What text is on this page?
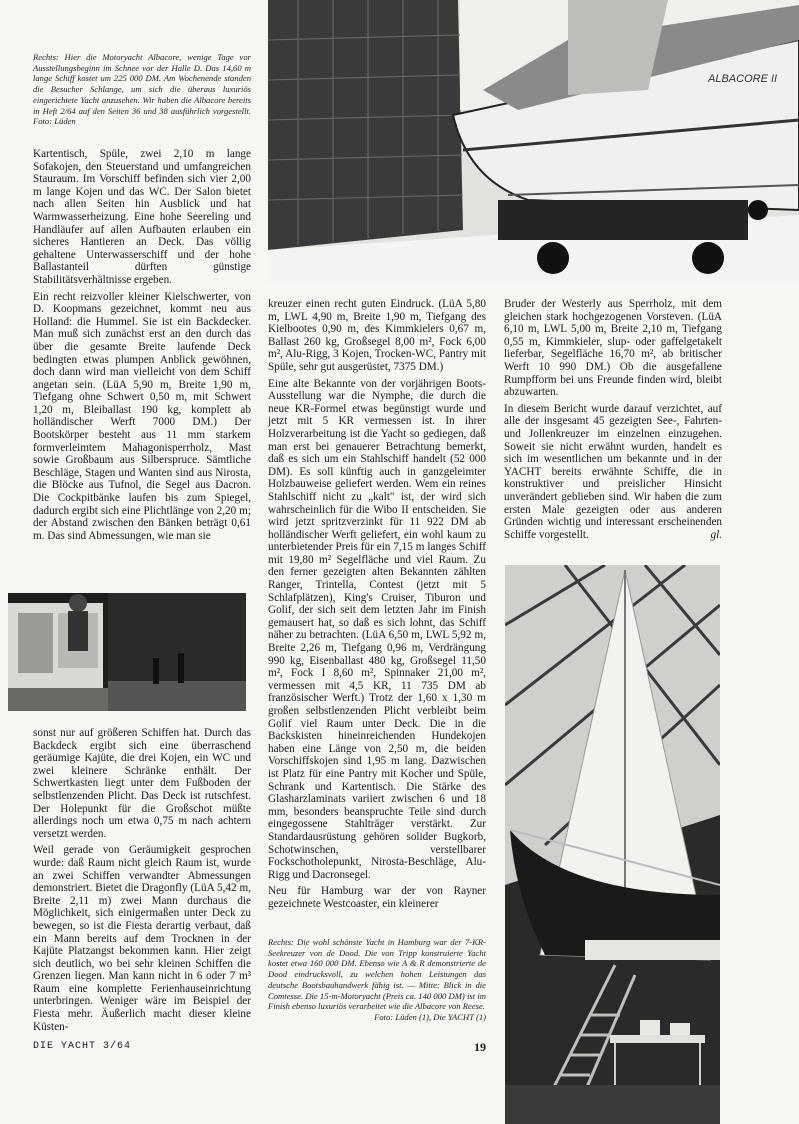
ALBACORE II
Rechts: Hier die Motoryacht Albacore, wenige Tage vor Ausstellungsbeginn im Schnee vor der Halle D. Das 14,60 m lange Schiff kostet um 225 000 DM. Am Wochenende standen die Besucher Schlange, um sich die überaus luxuriös eingerichtete Yacht anzusehen. Wir haben die Albacore bereits in Heft 2/64 auf den Seiten 36 und 38 ausführlich vorgestellt. Foto: Lüden

Kartentisch, Spüle, zwei 2,10 m lange Sofakojen, den Steuerstand und umfangreichen Stauraum. Im Vorschiff befinden sich vier 2,00 m lange Kojen und das WC. Der Salon bietet nach allen Seiten hin Ausblick und hat Warmwasserheizung. Eine hohe Seereling und Handläufer auf allen Aufbauten erlauben ein sicheres Hantieren an Deck. Das völlig gehaltene Unterwasserschiff und der hohe Ballastanteil dürften günstige Stabilitätsverhältnisse ergeben.

Ein recht reizvoller kleiner Kielschwerter, von D. Koopmans gezeichnet, kommt neu aus Holland: die Hummel. Sie ist ein Backdecker. Man muß sich zunächst erst an den durch das über die gesamte Breite laufende Deck bedingten etwas plumpen Anblick gewöhnen, doch dann wird man vielleicht von dem Schiff angetan sein. (LüA 5,90 m, Breite 1,90 m, Tiefgang ohne Schwert 0,50 m, mit Schwert 1,20 m, Bleiballast 190 kg, komplett ab holländischer Werft 7000 DM.) Der Bootskörper besteht aus 11 mm starkem formverleimtem Mahagonisperrholz, Mast sowie Großbaum aus Silberspruce. Sämtliche Beschläge, Stagen und Wanten sind aus Nirosta, die Blöcke aus Tufnol, die Segel aus Dacron. Die Cockpitbänke laufen bis zum Spiegel, dadurch ergibt sich eine Plichtlänge von 2,20 m; der Abstand zwischen den Bänken beträgt 0,61 m. Das sind Abmessungen, wie man sie

sonst nur auf größeren Schiffen hat. Durch das Backdeck ergibt sich eine überraschend geräumige Kajüte, die drei Kojen, ein WC und zwei kleinere Schränke enthält. Der Schwertkasten liegt unter dem Fußboden der selbstlenzenden Plicht. Das Deck ist rutschfest. Der Holepunkt für die Großschot müßte allerdings noch um etwa 0,75 m nach achtern versetzt werden.

Weil gerade von Geräumigkeit gesprochen wurde: daß Raum nicht gleich Raum ist, wurde an zwei Schiffen verwandter Abmessungen demonstriert. Bietet die Dragonfly (LüA 5,42 m, Breite 2,11 m) zwei Mann durchaus die Möglichkeit, sich einigermaßen unter Deck zu bewegen, so ist die Fiesta derartig verbaut, daß ein Mann bereits auf dem Trocknen in der Kajüte Platzangst bekommen kann. Hier zeigt sich deutlich, wo bei sehr kleinen Schiffen die Grenzen liegen. Man kann nicht in 6 oder 7 m³ Raum eine komplette Ferienhauseinrichtung unterbringen. Weniger wäre im Beispiel der Fiesta mehr. Äußerlich macht dieser kleine Küsten-

kreuzer einen recht guten Eindruck. (LüA 5,80 m, LWL 4,90 m, Breite 1,90 m, Tiefgang des Kielbootes 0,90 m, des Kimmkielers 0,67 m, Ballast 260 kg, Großsegel 8,00 m², Fock 6,00 m², Alu-Rigg, 3 Kojen, Trocken-WC, Pantry mit Spüle, sehr gut ausgerüstet, 7375 DM.)

Eine alte Bekannte von der vorjährigen Boots-Ausstellung war die Nymphe, die durch die neue KR-Formel etwas begünstigt wurde und jetzt mit 5 KR vermessen ist. In ihrer Holzverarbeitung ist die Yacht so gediegen, daß man erst bei genauerer Betrachtung bemerkt, daß es sich um ein Stahlschiff handelt (52 000 DM). Es soll künftig auch in ganzgeleimter Holzbauweise geliefert werden. Wem ein reines Stahlschiff nicht zu „kalt" ist, der wird sich wahrscheinlich für die Wibo II entscheiden. Sie wird jetzt spritzverzinkt für 11 922 DM ab holländischer Werft geliefert, ein wohl kaum zu unterbietender Preis für ein 7,15 m langes Schiff mit 19,80 m² Segelfläche und viel Raum. Zu den ferner gezeigten alten Bekannten zählten Ranger, Trintella, Contest (jetzt mit 5 Schlafplätzen), King's Cruiser, Tiburon und Golif, der sich seit dem letzten Jahr im Finish gemausert hat, so daß es sich lohnt, das Schiff näher zu betrachten. (LüA 6,50 m, LWL 5,92 m, Breite 2,26 m, Tiefgang 0,96 m, Verdrängung 990 kg, Eisenballast 480 kg, Großsegel 11,50 m², Fock I 8,60 m², Spinnaker 21,00 m², vermessen mit 4,5 KR, 11 735 DM ab französischer Werft.) Trotz der 1,60 x 1,30 m großen selbstlenzenden Plicht verbleibt beim Golif viel Raum unter Deck. Die in die Backskisten hineinreichenden Hundekojen haben eine Länge von 2,50 m, die beiden Vorschiffskojen sind 1,95 m lang. Dazwischen ist Platz für eine Pantry mit Kocher und Spüle, Schrank und Kartentisch. Die Stärke des Glasharzlaminats variiert zwischen 6 und 18 mm, besonders beanspruchte Teile sind durch eingegossene Stahlträger verstärkt. Zur Standardausrüstung gehören solider Bugkorb, Schotwinschen, verstellbarer Fockschotholepunkt, Nirosta-Beschläge, Alu-Rigg und Dacronsegel.

Neu für Hamburg war der von Rayner gezeichnete Westcoaster, ein kleinerer

Rechts: Die wohl schönste Yacht in Hamburg war der 7-KR-Seekreuzer von de Dood. Die von Tripp konstruierte Yacht kostet etwa 160 000 DM. Ebenso wie A & R demonstrierte de Dood eindrucksvoll, zu welchen hohen Leistungen das deutsche Bootsbauhandwerk fähig ist. — Mitte: Blick in die Comtesse. Die 15-m-Motoryacht (Preis ca. 140 000 DM) ist im Finish ebenso luxuriös verarbeitet wie die Albacore von Reese.
Foto: Lüden (1), Die YACHT (1)

Bruder der Westerly aus Sperrholz, mit dem gleichen stark hochgezogenen Vorsteven. (LüA 6,10 m, LWL 5,00 m, Breite 2,10 m, Tiefgang 0,55 m, Kimmkieler, slup- oder gaffelgetakelt lieferbar, Segelfläche 16,70 m², ab britischer Werft 10 990 DM.) Ob die ausgefallene Rumpfform bei uns Freunde finden wird, bleibt abzuwarten.

In diesem Bericht wurde darauf verzichtet, auf alle der insgesamt 45 gezeigten See-, Fahrten- und Jollenkreuzer im einzelnen einzugehen. Soweit sie nicht erwähnt wurden, handelt es sich im wesentlichen um bekannte und in der YACHT bereits erwähnte Schiffe, die in konstruktiver und preislicher Hinsicht unverändert geblieben sind. Wir haben die zum ersten Male gezeigten oder aus anderen Gründen wichtig und interessant erscheinenden Schiffe vorgestellt.	gl.

DIE YACHT 3/64	19
